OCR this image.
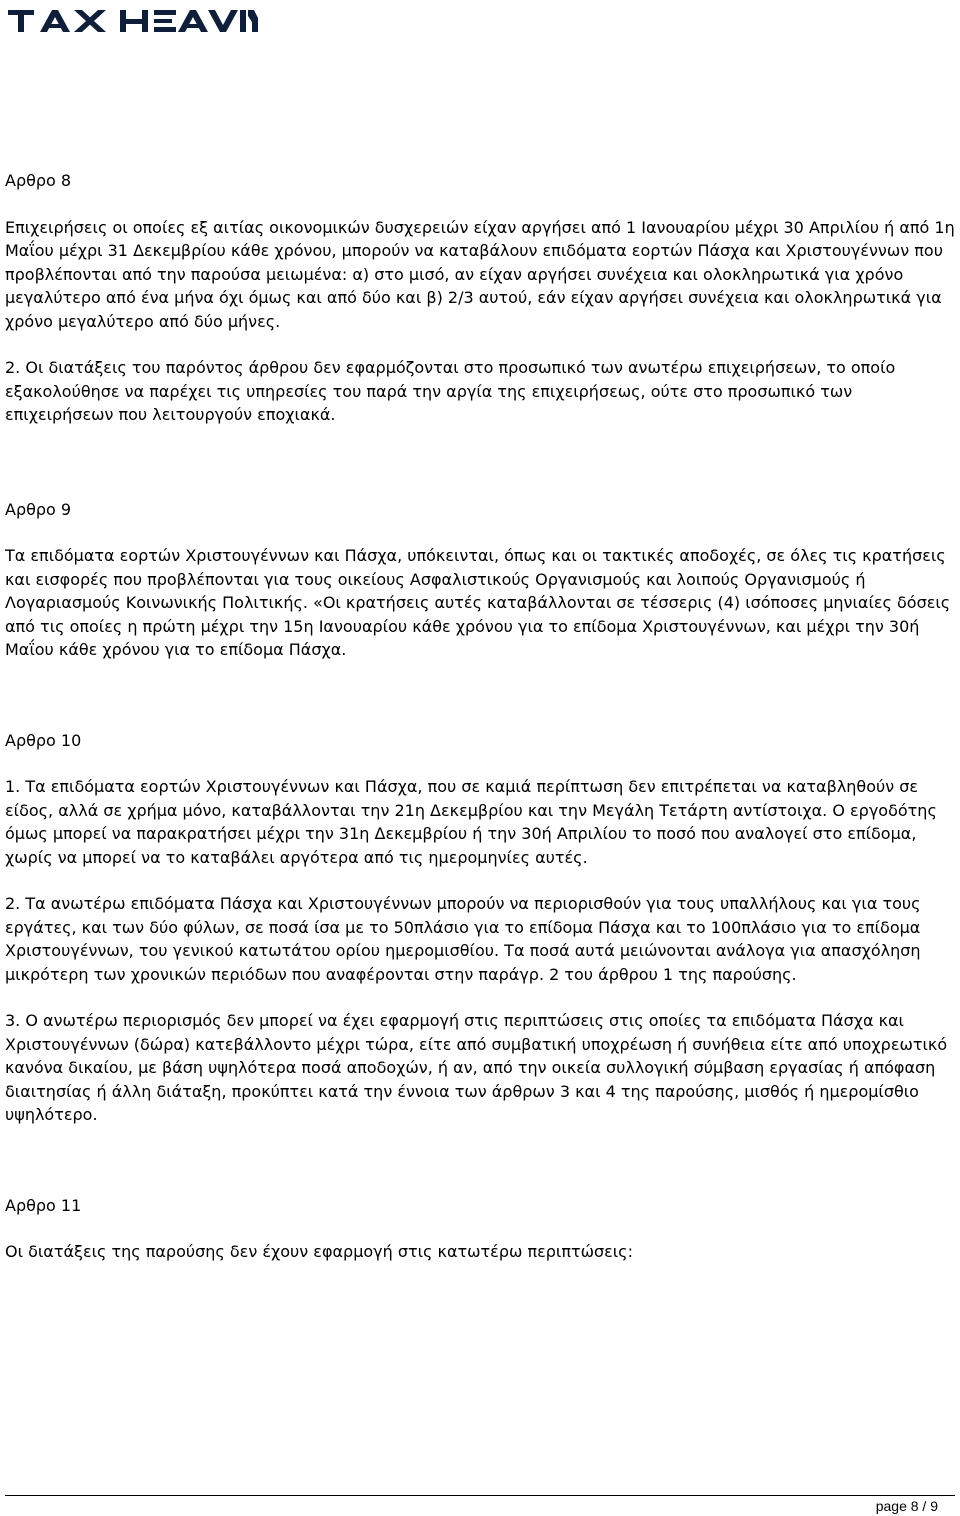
Αρθρο 8
Επιχειρήσεις οι οποίες εξ αιτίας οικονομικών δυσχερειών είχαν αργήσει από 1 Ιανουαρίου μέχρι 30 Απριλίου ή από 1η Μαΐου μέχρι 31 Δεκεμβρίου κάθε χρόνου, μπορούν να καταβάλουν επιδόματα εορτών Πάσχα και Χριστουγέννων που προβλέπονται από την παρούσα μειωμένα: α) στο μισό, αν είχαν αργήσει συνέχεια και ολοκληρωτικά για χρόνο μεγαλύτερο από ένα μήνα όχι όμως και από δύο και β) 2/3 αυτού, εάν είχαν αργήσει συνέχεια και ολοκληρωτικά για χρόνο μεγαλύτερο από δύο μήνες.
2. Οι διατάξεις του παρόντος άρθρου δεν εφαρμόζονται στο προσωπικό των ανωτέρω επιχειρήσεων, το οποίο εξακολούθησε να παρέχει τις υπηρεσίες του παρά την αργία της επιχειρήσεως, ούτε στο προσωπικό των επιχειρήσεων που λειτουργούν εποχιακά.
Αρθρο 9
Τα επιδόματα εορτών Χριστουγέννων και Πάσχα, υπόκεινται, όπως και οι τακτικές αποδοχές, σε όλες τις κρατήσεις και εισφορές που προβλέπονται για τους οικείους Ασφαλιστικούς Οργανισμούς και λοιπούς Οργανισμούς ή Λογαριασμούς Κοινωνικής Πολιτικής. «Οι κρατήσεις αυτές καταβάλλονται σε τέσσερις (4) ισόποσες μηνιαίες δόσεις από τις οποίες η πρώτη μέχρι την 15η Ιανουαρίου κάθε χρόνου για το επίδομα Χριστουγέννων, και μέχρι την 30ή Μαΐου κάθε χρόνου για το επίδομα Πάσχα.
Αρθρο 10
1. Τα επιδόματα εορτών Χριστουγέννων και Πάσχα, που σε καμιά περίπτωση δεν επιτρέπεται να καταβληθούν σε είδος, αλλά σε χρήμα μόνο, καταβάλλονται την 21η Δεκεμβρίου και την Μεγάλη Τετάρτη αντίστοιχα. Ο εργοδότης όμως μπορεί να παρακρατήσει μέχρι την 31η Δεκεμβρίου ή την 30ή Απριλίου το ποσό που αναλογεί στο επίδομα, χωρίς να μπορεί να το καταβάλει αργότερα από τις ημερομηνίες αυτές.
2. Τα ανωτέρω επιδόματα Πάσχα και Χριστουγέννων μπορούν να περιορισθούν για τους υπαλλήλους και για τους εργάτες, και των δύο φύλων, σε ποσά ίσα με το 50πλάσιο για το επίδομα Πάσχα και το 100πλάσιο για το επίδομα Χριστουγέννων, του γενικού κατωτάτου ορίου ημερομισθίου. Τα ποσά αυτά μειώνονται ανάλογα για απασχόληση μικρότερη των χρονικών περιόδων που αναφέρονται στην παράγρ. 2 του άρθρου 1 της παρούσης.
3. Ο ανωτέρω περιορισμός δεν μπορεί να έχει εφαρμογή στις περιπτώσεις στις οποίες τα επιδόματα Πάσχα και Χριστουγέννων (δώρα) κατεβάλλοντο μέχρι τώρα, είτε από συμβατική υποχρέωση ή συνήθεια είτε από υποχρεωτικό κανόνα δικαίου, με βάση υψηλότερα ποσά αποδοχών, ή αν, από την οικεία συλλογική σύμβαση εργασίας ή απόφαση διαιτησίας ή άλλη διάταξη, προκύπτει κατά την έννοια των άρθρων 3 και 4 της παρούσης, μισθός ή ημερομίσθιο υψηλότερο.
Αρθρο 11
Οι διατάξεις της παρούσης δεν έχουν εφαρμογή στις κατωτέρω περιπτώσεις:
page 8 / 9
